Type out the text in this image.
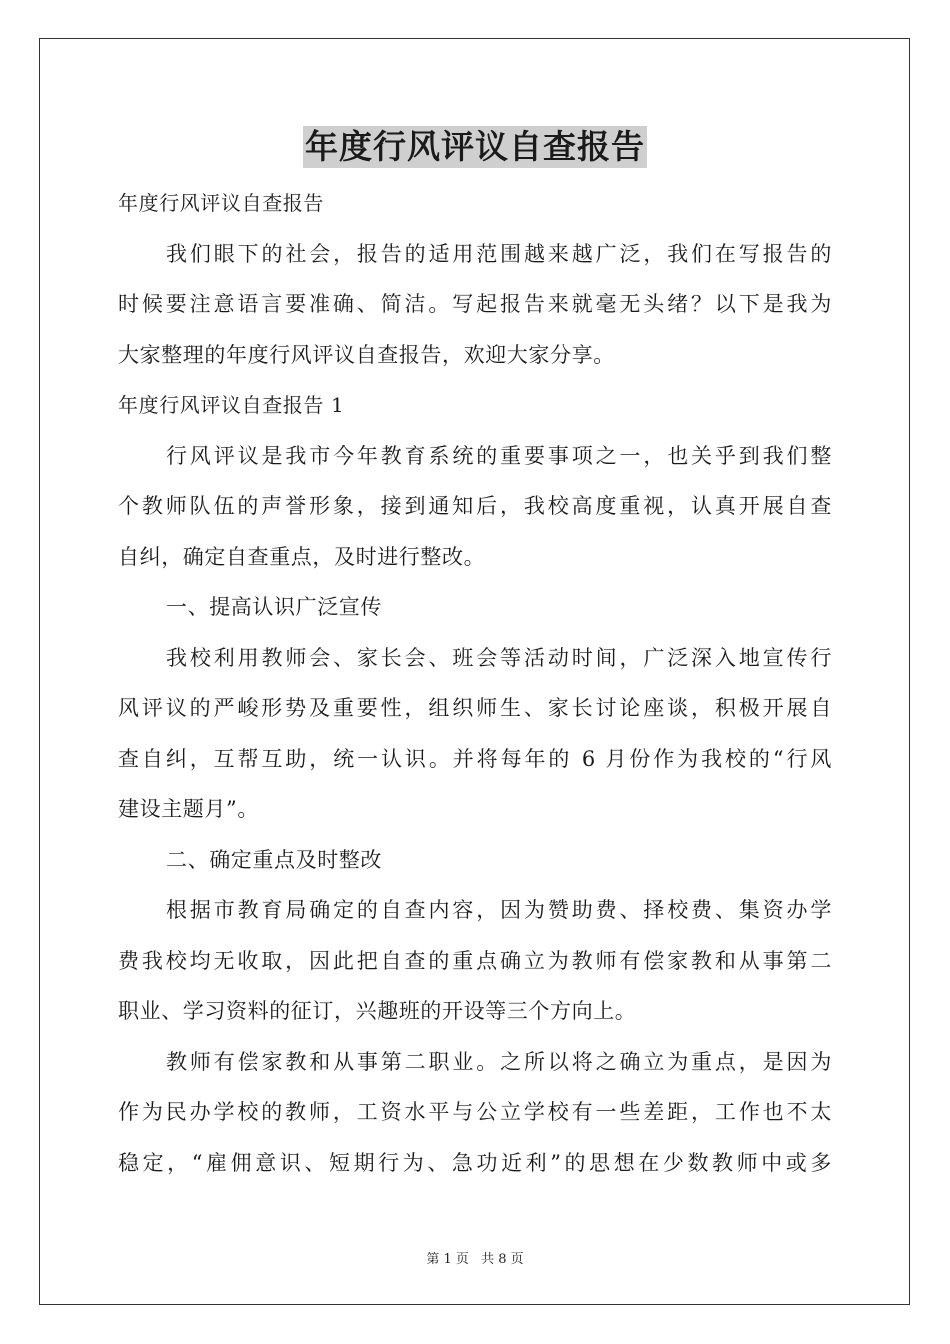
年度行风评议自查报告
年度行风评议自查报告
我们眼下的社会，报告的适用范围越来越广泛，我们在写报告的
时候要注意语言要准确、简洁。写起报告来就毫无头绪？以下是我为
大家整理的年度行风评议自查报告，欢迎大家分享。
年度行风评议自查报告 1
行风评议是我市今年教育系统的重要事项之一，也关乎到我们整
个教师队伍的声誉形象，接到通知后，我校高度重视，认真开展自查
自纠，确定自查重点，及时进行整改。
一、提高认识广泛宣传
我校利用教师会、家长会、班会等活动时间，广泛深入地宣传行
风评议的严峻形势及重要性，组织师生、家长讨论座谈，积极开展自
查自纠，互帮互助，统一认识。并将每年的 6 月份作为我校的“行风
建设主题月”。
二、确定重点及时整改
根据市教育局确定的自查内容，因为赞助费、择校费、集资办学
费我校均无收取，因此把自查的重点确立为教师有偿家教和从事第二
职业、学习资料的征订，兴趣班的开设等三个方向上。
教师有偿家教和从事第二职业。之所以将之确立为重点，是因为
作为民办学校的教师，工资水平与公立学校有一些差距，工作也不太
稳定，“雇佣意识、短期行为、急功近利”的思想在少数教师中或多
第 1 页 共 8 页
